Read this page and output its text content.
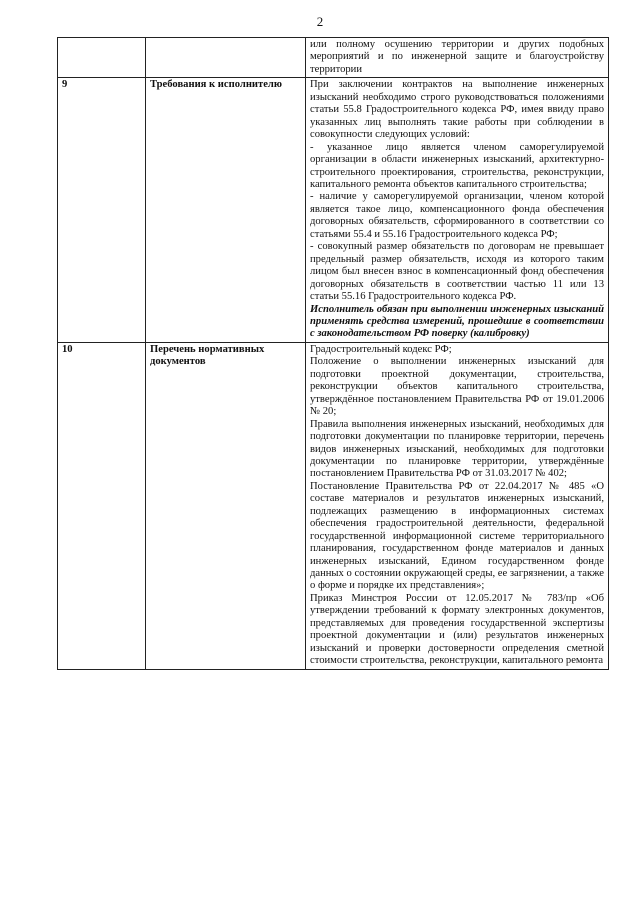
2

		или полному осушению территории и других подобных мероприятий и по инженерной защите и благоустройству территории

9	Требования к исполнителю	При заключении контрактов на выполнение инженерных изысканий необходимо строго руководствоваться положениями статьи 55.8 Градостроительного кодекса РФ, имея ввиду право указанных лиц выполнять такие работы при соблюдении в совокупности следующих условий:

- указанное лицо является членом саморегулируемой организации в области инженерных изысканий, архитектурно-строительного проектирования, строительства, реконструкции, капитального ремонта объектов капитального строительства;

- наличие у саморегулируемой организации, членом которой является такое лицо, компенсационного фонда обеспечения договорных обязательств, сформированного в соответствии со статьями 55.4 и 55.16 Градостроительного кодекса РФ;

- совокупный размер обязательств по договорам не превышает предельный размер обязательств, исходя из которого таким лицом был внесен взнос в компенсационный фонд обеспечения договорных обязательств в соответствии частью 11 или 13 статьи 55.16 Градостроительного кодекса РФ.

Исполнитель обязан при выполнении инженерных изысканий применять средства измерений, прошедшие в соответствии с законодательством РФ поверку (калибровку)

10	Перечень нормативных документов	Градостроительный кодекс РФ;

Положение о выполнении инженерных изысканий для подготовки проектной документации, строительства, реконструкции объектов капитального строительства, утверждённое постановлением Правительства РФ от 19.01.2006 № 20;

Правила выполнения инженерных изысканий, необходимых для подготовки документации по планировке территории, перечень видов инженерных изысканий, необходимых для подготовки документации по планировке территории, утверждённые постановлением Правительства РФ от 31.03.2017 № 402;

Постановление Правительства РФ от 22.04.2017 № 485 «О составе материалов и результатов инженерных изысканий, подлежащих размещению в информационных системах обеспечения градостроительной деятельности, федеральной государственной информационной системе территориального планирования, государственном фонде материалов и данных инженерных изысканий, Едином государственном фонде данных о состоянии окружающей среды, ее загрязнении, а также о форме и порядке их представления»;

Приказ Минстроя России от 12.05.2017 № 783/пр «Об утверждении требований к формату электронных документов, представляемых для проведения государственной экспертизы проектной документации и (или) результатов инженерных изысканий и проверки достоверности определения сметной стоимости строительства, реконструкции, капитального ремонта
